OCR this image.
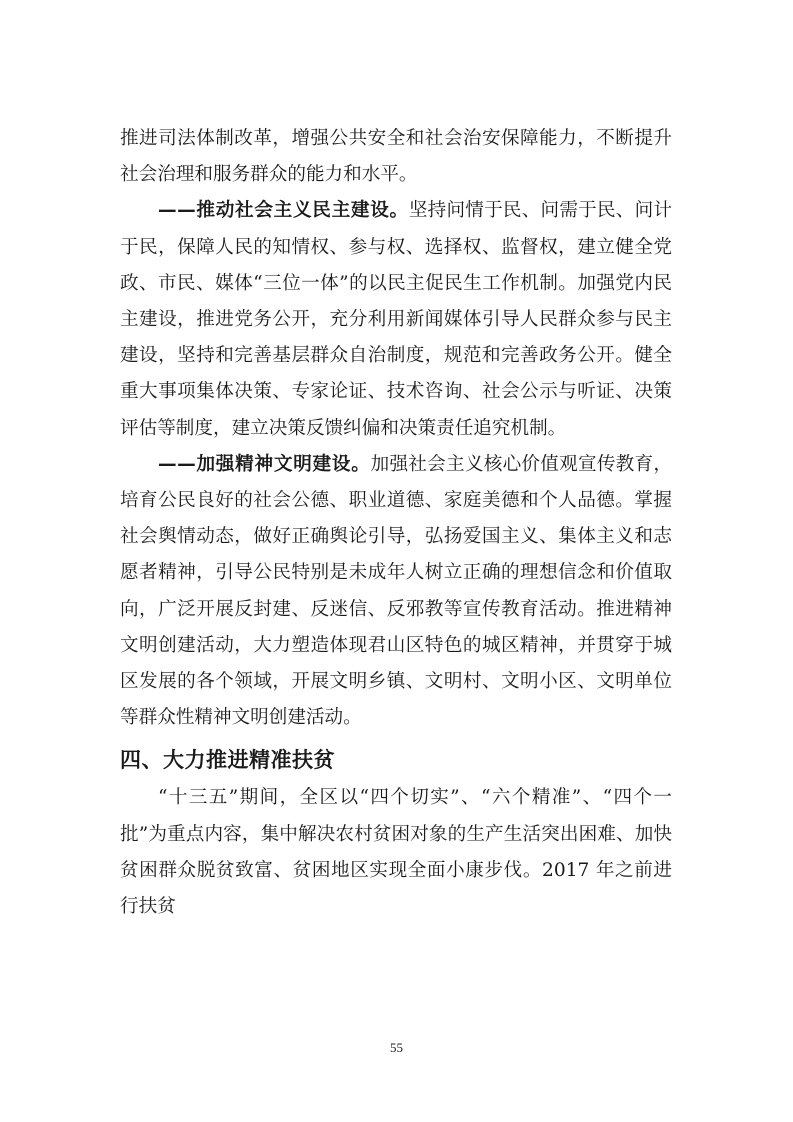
推进司法体制改革，增强公共安全和社会治安保障能力，不断提升社会治理和服务群众的能力和水平。

——推动社会主义民主建设。坚持问情于民、问需于民、问计于民，保障人民的知情权、参与权、选择权、监督权，建立健全党政、市民、媒体“三位一体”的以民主促民生工作机制。加强党内民主建设，推进党务公开，充分利用新闻媒体引导人民群众参与民主建设，坚持和完善基层群众自治制度，规范和完善政务公开。健全重大事项集体决策、专家论证、技术咨询、社会公示与听证、决策评估等制度，建立决策反馈纠偏和决策责任追究机制。

——加强精神文明建设。加强社会主义核心价值观宣传教育，培育公民良好的社会公德、职业道德、家庭美德和个人品德。掌握社会舆情动态，做好正确舆论引导，弘扬爱国主义、集体主义和志愿者精神，引导公民特别是未成年人树立正确的理想信念和价值取向，广泛开展反封建、反迷信、反邪教等宣传教育活动。推进精神文明创建活动，大力塑造体现君山区特色的城区精神，并贯穿于城区发展的各个领域，开展文明乡镇、文明村、文明小区、文明单位等群众性精神文明创建活动。

四、大力推进精准扶贫

“十三五”期间，全区以“四个切实”、“六个精准”、“四个一批”为重点内容，集中解决农村贫困对象的生产生活突出困难、加快贫困群众脱贫致富、贫困地区实现全面小康步伐。2017 年之前进行扶贫

55
